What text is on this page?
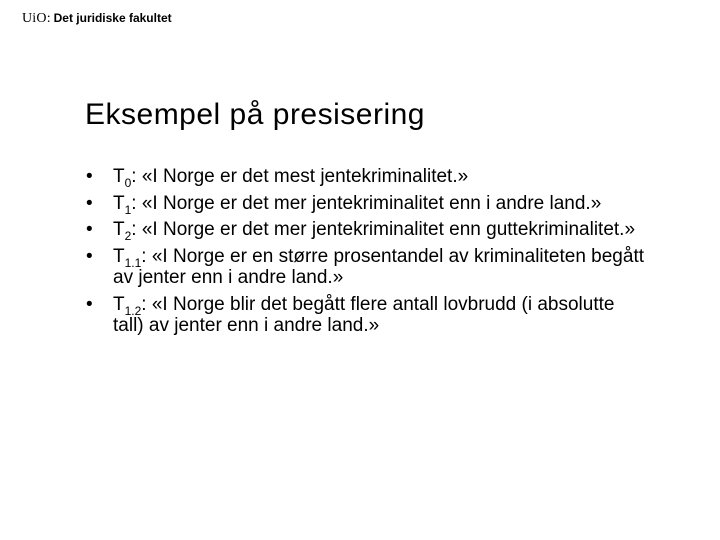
UiO : Det juridiske fakultet
Eksempel på presisering
• $T_0$: «I Norge er det mest jentekriminalitet.»
• $T_1$: «I Norge er det mer jentekriminalitet enn i andre land.»
• $T_2$: «I Norge er det mer jentekriminalitet enn guttekriminalitet.»
• $T_{1.1}$: «I Norge er en større prosentandel av kriminaliteten begått av jenter enn i andre land.»
• $T_{1.2}$: «I Norge blir det begått flere antall lovbrudd (i absolutte tall) av jenter enn i andre land.»
